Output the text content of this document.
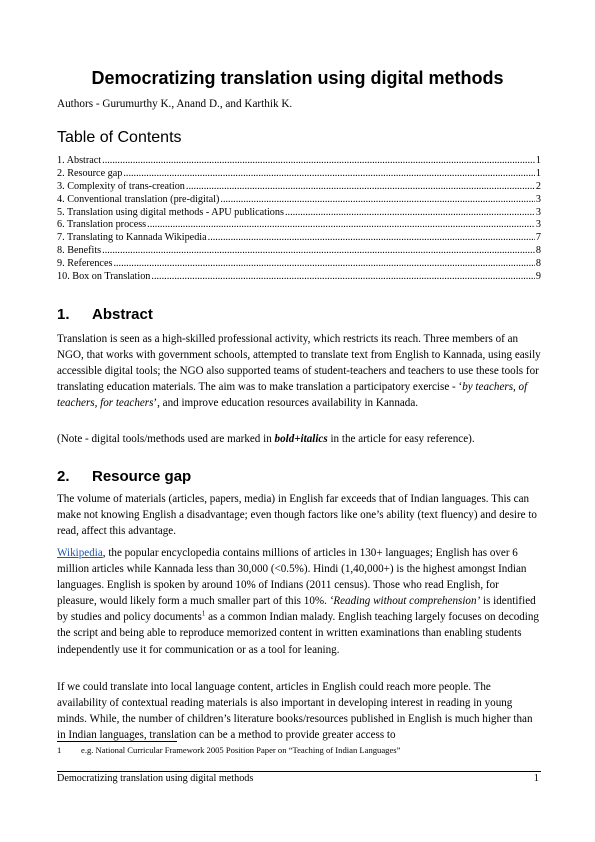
Democratizing translation using digital methods
Authors - Gurumurthy K., Anand D., and Karthik K.
Table of Contents
1. Abstract .....	1
2. Resource gap .....	1
3. Complexity of trans-creation .....	2
4. Conventional translation (pre-digital) .....	3
5. Translation using digital methods - APU publications .....	3
6. Translation process .....	3
7. Translating to Kannada Wikipedia .....	7
8. Benefits .....	8
9. References .....	8
10. Box on Translation .....	9
1. Abstract

Translation is seen as a high-skilled professional activity, which restricts its reach. Three members of an NGO, that works with government schools, attempted to translate text from English to Kannada, using easily accessible digital tools; the NGO also supported teams of student-teachers and teachers to use these tools for translating education materials. The aim was to make translation a participatory exercise - ‘by teachers, of teachers, for teachers’, and improve education resources availability in Kannada.

(Note - digital tools/methods used are marked in bold+italics in the article for easy reference).

2. Resource gap

The volume of materials (articles, papers, media) in English far exceeds that of Indian languages. This can make not knowing English a disadvantage; even though factors like one’s ability (text fluency) and desire to read, affect this advantage.

Wikipedia, the popular encyclopedia contains millions of articles in 130+ languages; English has over 6 million articles while Kannada less than 30,000 (<0.5%). Hindi (1,40,000+) is the highest amongst Indian languages. English is spoken by around 10% of Indians (2011 census). Those who read English, for pleasure, would likely form a much smaller part of this 10%. ‘Reading without comprehension’ is identified by studies and policy documents$^1$ as a common Indian malady. English teaching largely focuses on decoding the script and being able to reproduce memorized content in written examinations than enabling students independently use it for communication or as a tool for leaning.

If we could translate into local language content, articles in English could reach more people. The availability of contextual reading materials is also important in developing interest in reading in young minds. While, the number of children’s literature books/resources published in English is much higher than in Indian languages, translation can be a method to provide greater access to

1 e.g. National Curricular Framework 2005 Position Paper on “Teaching of Indian Languages”
Democratizing translation using digital methods	1
